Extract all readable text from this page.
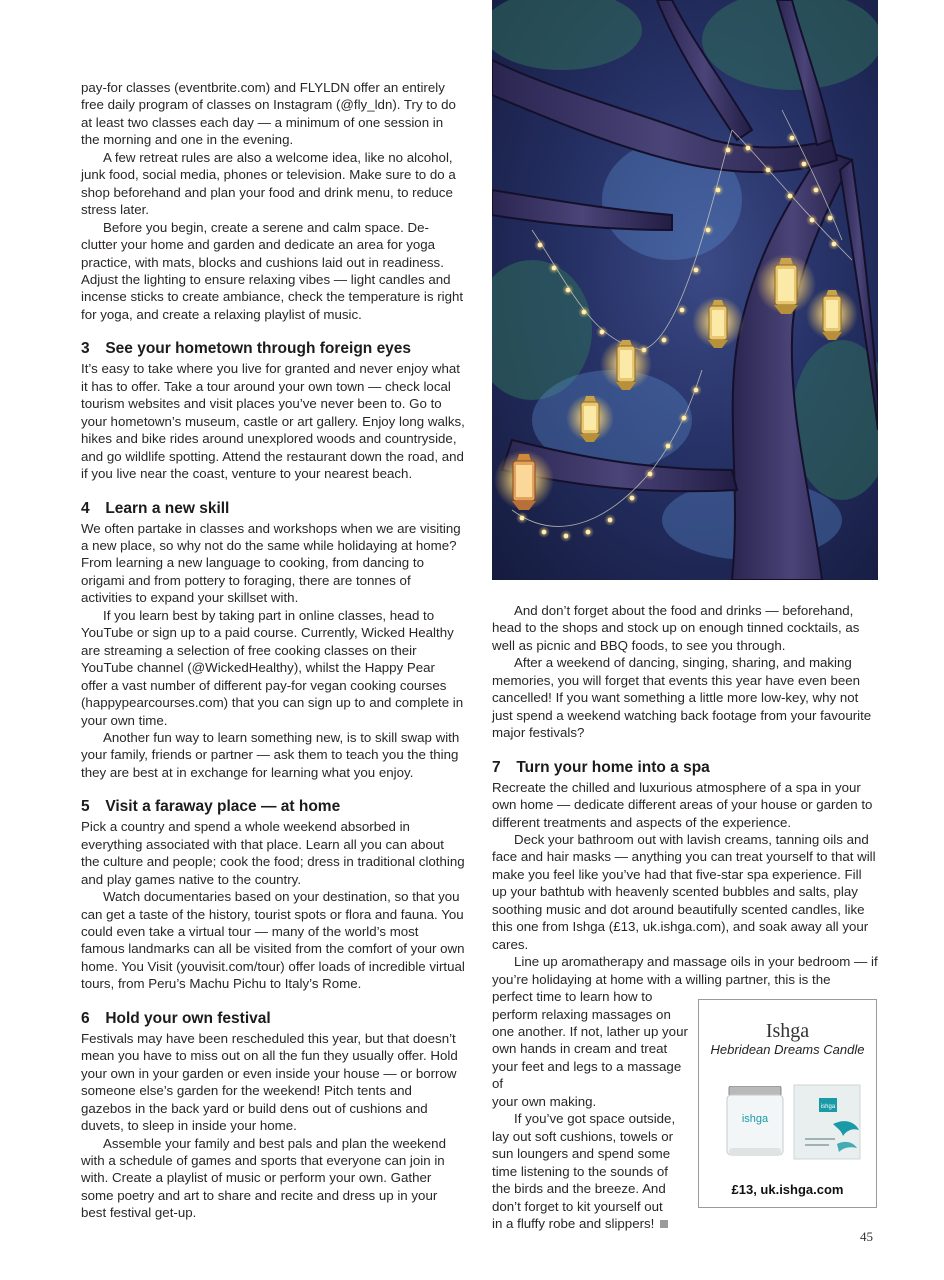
pay-for classes (eventbrite.com) and FLYLDN offer an entirely free daily program of classes on Instagram (@fly_ldn). Try to do at least two classes each day — a minimum of one session in the morning and one in the evening.

A few retreat rules are also a welcome idea, like no alcohol, junk food, social media, phones or television. Make sure to do a shop beforehand and plan your food and drink menu, to reduce stress later.

Before you begin, create a serene and calm space. De-clutter your home and garden and dedicate an area for yoga practice, with mats, blocks and cushions laid out in readiness. Adjust the lighting to ensure relaxing vibes — light candles and incense sticks to create ambiance, check the temperature is right for yoga, and create a relaxing playlist of music.

3 See your hometown through foreign eyes

It’s easy to take where you live for granted and never enjoy what it has to offer. Take a tour around your own town — check local tourism websites and visit places you’ve never been to. Go to your hometown’s museum, castle or art gallery. Enjoy long walks, hikes and bike rides around unexplored woods and countryside, and go wildlife spotting. Attend the restaurant down the road, and if you live near the coast, venture to your nearest beach.

4 Learn a new skill

We often partake in classes and workshops when we are visiting a new place, so why not do the same while holidaying at home? From learning a new language to cooking, from dancing to origami and from pottery to foraging, there are tonnes of activities to expand your skillset with.

If you learn best by taking part in online classes, head to YouTube or sign up to a paid course. Currently, Wicked Healthy are streaming a selection of free cooking classes on their YouTube channel (@WickedHealthy), whilst the Happy Pear offer a vast number of different pay-for vegan cooking courses (happypearcourses.com) that you can sign up to and complete in your own time.

Another fun way to learn something new, is to skill swap with your family, friends or partner — ask them to teach you the thing they are best at in exchange for learning what you enjoy.

5 Visit a faraway place — at home

Pick a country and spend a whole weekend absorbed in everything associated with that place. Learn all you can about the culture and people; cook the food; dress in traditional clothing and play games native to the country.

Watch documentaries based on your destination, so that you can get a taste of the history, tourist spots or flora and fauna. You could even take a virtual tour — many of the world’s most famous landmarks can all be visited from the comfort of your own home. You Visit (youvisit.com/tour) offer loads of incredible virtual tours, from Peru’s Machu Pichu to Italy’s Rome.

6 Hold your own festival

Festivals may have been rescheduled this year, but that doesn’t mean you have to miss out on all the fun they usually offer. Hold your own in your garden or even inside your house — or borrow someone else’s garden for the weekend! Pitch tents and gazebos in the back yard or build dens out of cushions and duvets, to sleep in inside your home.

Assemble your family and best pals and plan the weekend with a schedule of games and sports that everyone can join in with. Create a playlist of music or perform your own. Gather some poetry and art to share and recite and dress up in your best festival get-up.

And don’t forget about the food and drinks — beforehand, head to the shops and stock up on enough tinned cocktails, as well as picnic and BBQ foods, to see you through.

After a weekend of dancing, singing, sharing, and making memories, you will forget that events this year have even been cancelled! If you want something a little more low-key, why not just spend a weekend watching back footage from your favourite major festivals?

7 Turn your home into a spa

Recreate the chilled and luxurious atmosphere of a spa in your own home — dedicate different areas of your house or garden to different treatments and aspects of the experience.

Deck your bathroom out with lavish creams, tanning oils and face and hair masks — anything you can treat yourself to that will make you feel like you’ve had that five-star spa experience. Fill up your bathtub with heavenly scented bubbles and salts, play soothing music and dot around beautifully scented candles, like this one from Ishga (£13, uk.ishga.com), and soak away all your cares.

Line up aromatherapy and massage oils in your bedroom — if you’re holidaying at home with a willing partner, this is the

perfect time to learn how to
perform relaxing massages on
one another. If not, lather up your
own hands in cream and treat
your feet and legs to a massage of
your own making.
If you’ve got space outside,
lay out soft cushions, towels or
sun loungers and spend some
time listening to the sounds of
the birds and the breeze. And
don’t forget to kit yourself out
in a fluffy robe and slippers!
Ishga
Hebridean Dreams Candle
ishga
ishga
£13, uk.ishga.com
45
